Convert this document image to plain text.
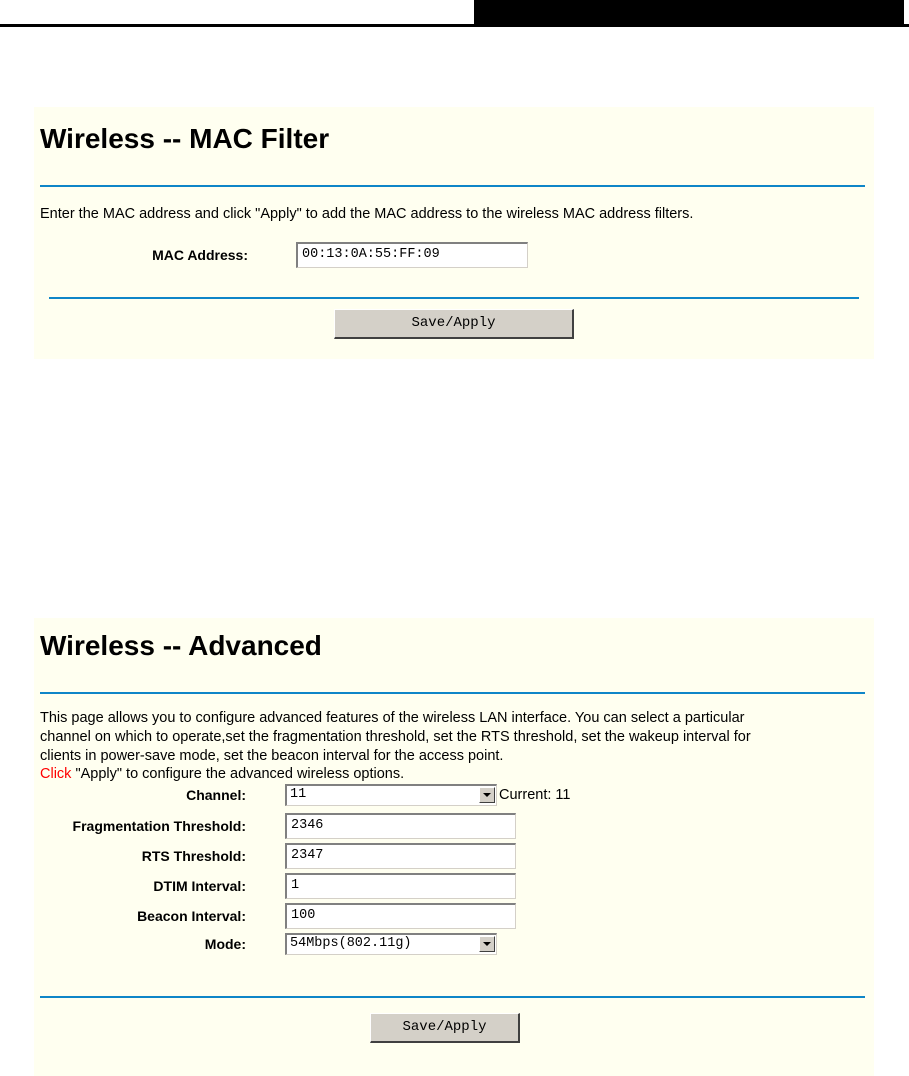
Wireless -- MAC Filter
Enter the MAC address and click "Apply" to add the MAC address to the wireless MAC address filters.
MAC Address:	00:13:0A:55:FF:09
Save/Apply
Wireless -- Advanced
This page allows you to configure advanced features of the wireless LAN interface. You can select a particular
channel on which to operate,set the fragmentation threshold, set the RTS threshold, set the wakeup interval for
clients in power-save mode, set the beacon interval for the access point.
Click "Apply" to configure the advanced wireless options.
Channel:	11	Current: 11
Fragmentation Threshold:	2346
RTS Threshold:	2347
DTIM Interval:	1
Beacon Interval:	100
Mode:	54Mbps(802.11g)
Save/Apply
